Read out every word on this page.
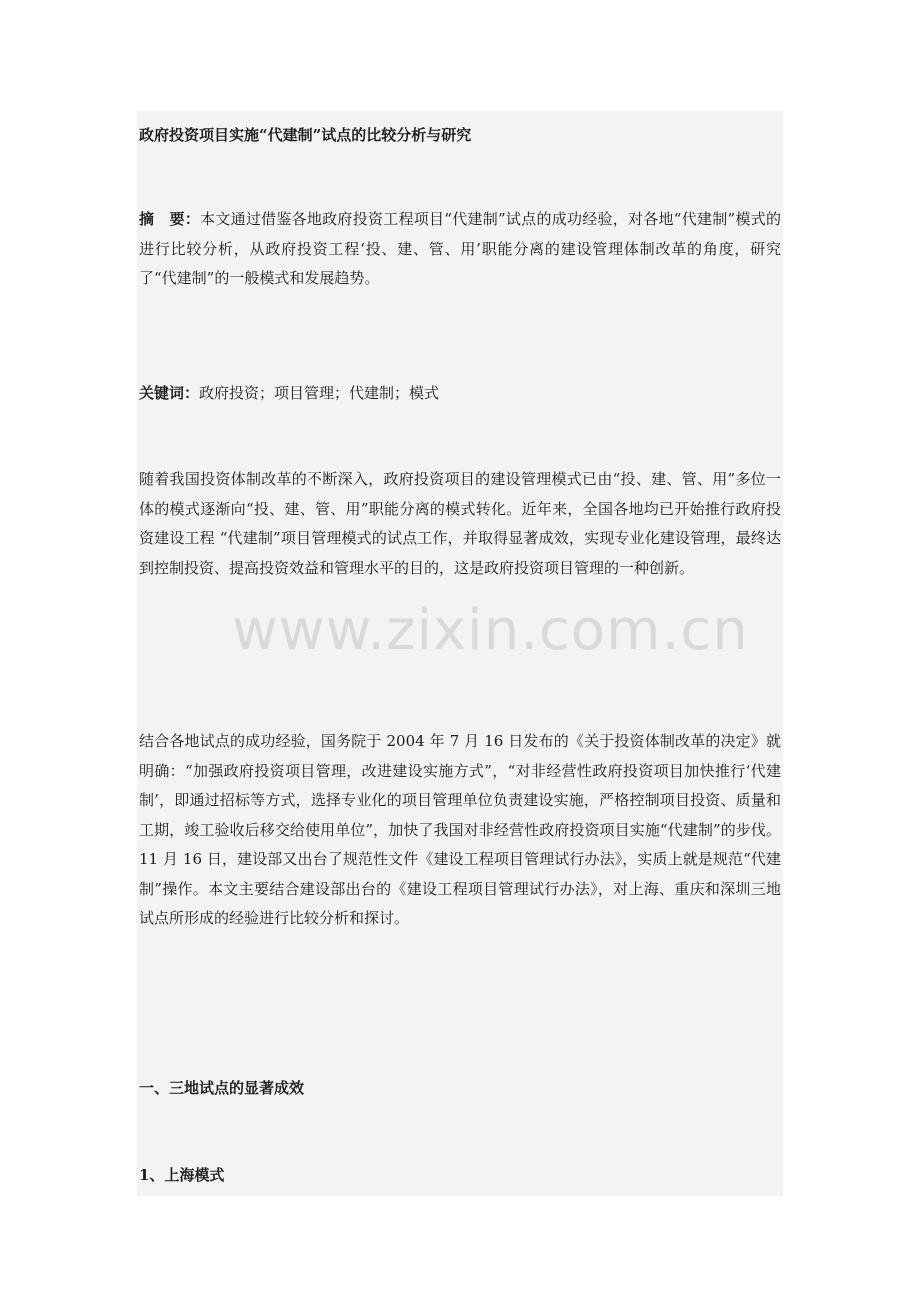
政府投资项目实施“代建制”试点的比较分析与研究

摘　要：本文通过借鉴各地政府投资工程项目“代建制”试点的成功经验，对各地“代建制”模式的进行比较分析，从政府投资工程‘投、建、管、用’职能分离的建设管理体制改革的角度，研究了“代建制”的一般模式和发展趋势。

关键词：政府投资；项目管理；代建制；模式

随着我国投资体制改革的不断深入，政府投资项目的建设管理模式已由“投、建、管、用”多位一体的模式逐渐向“投、建、管、用”职能分离的模式转化。近年来，全国各地均已开始推行政府投资建设工程 “代建制”项目管理模式的试点工作，并取得显著成效，实现专业化建设管理，最终达到控制投资、提高投资效益和管理水平的目的，这是政府投资项目管理的一种创新。

结合各地试点的成功经验，国务院于 2004 年 7 月 16 日发布的《关于投资体制改革的决定》就明确：“加强政府投资项目管理，改进建设实施方式”，“对非经营性政府投资项目加快推行‘代建制’，即通过招标等方式，选择专业化的项目管理单位负责建设实施，严格控制项目投资、质量和工期，竣工验收后移交给使用单位”，加快了我国对非经营性政府投资项目实施“代建制”的步伐。11 月 16 日，建设部又出台了规范性文件《建设工程项目管理试行办法》，实质上就是规范“代建制”操作。本文主要结合建设部出台的《建设工程项目管理试行办法》，对上海、重庆和深圳三地试点所形成的经验进行比较分析和探讨。

一、三地试点的显著成效

1、上海模式

www.zixin.com.cn
